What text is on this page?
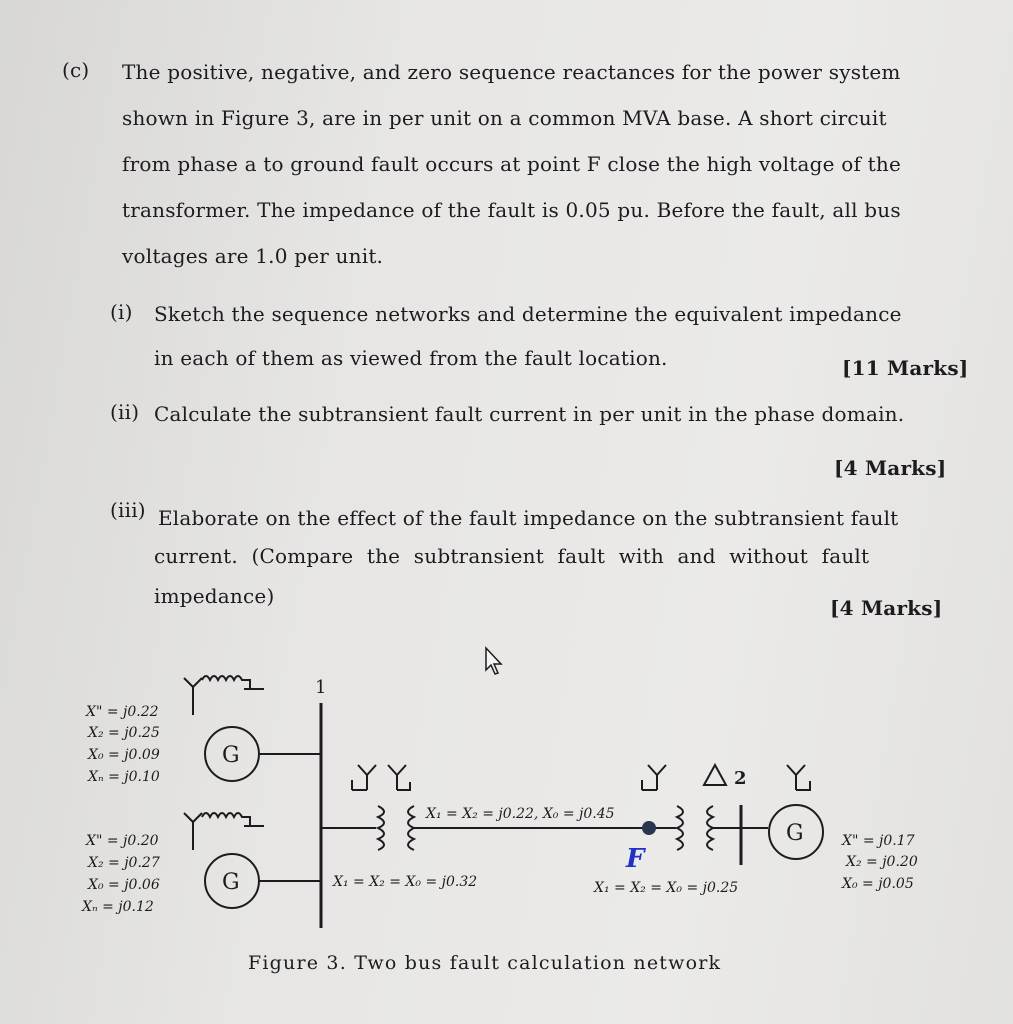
(c) The positive, negative, and zero sequence reactances for the power system
shown in Figure 3, are in per unit on a common MVA base. A short circuit
from phase a to ground fault occurs at point F close the high voltage of the
transformer. The impedance of the fault is 0.05 pu. Before the fault, all bus
voltages are 1.0 per unit.
(i) Sketch the sequence networks and determine the equivalent impedance
in each of them as viewed from the fault location.	[11 Marks]
(ii) Calculate the subtransient fault current in per unit in the phase domain.
[4 Marks]
(iii) Elaborate on the effect of the fault impedance on the subtransient fault
current. (Compare the subtransient fault with and without fault
impedance)	[4 Marks]
F
1
2
G
G
G
X" = j0.22
X₂ = j0.25
X₀ = j0.09
Xₙ = j0.10
X" = j0.20
X₂ = j0.27
X₀ = j0.06
Xₙ = j0.12
X" = j0.17
X₂ = j0.20
X₀ = j0.05
X₁ = X₂ = j0.22, X₀ = j0.45
X₁ = X₂ = X₀ = j0.32	X₁ = X₂ = X₀ = j0.25
Figure 3. Two bus fault calculation network
